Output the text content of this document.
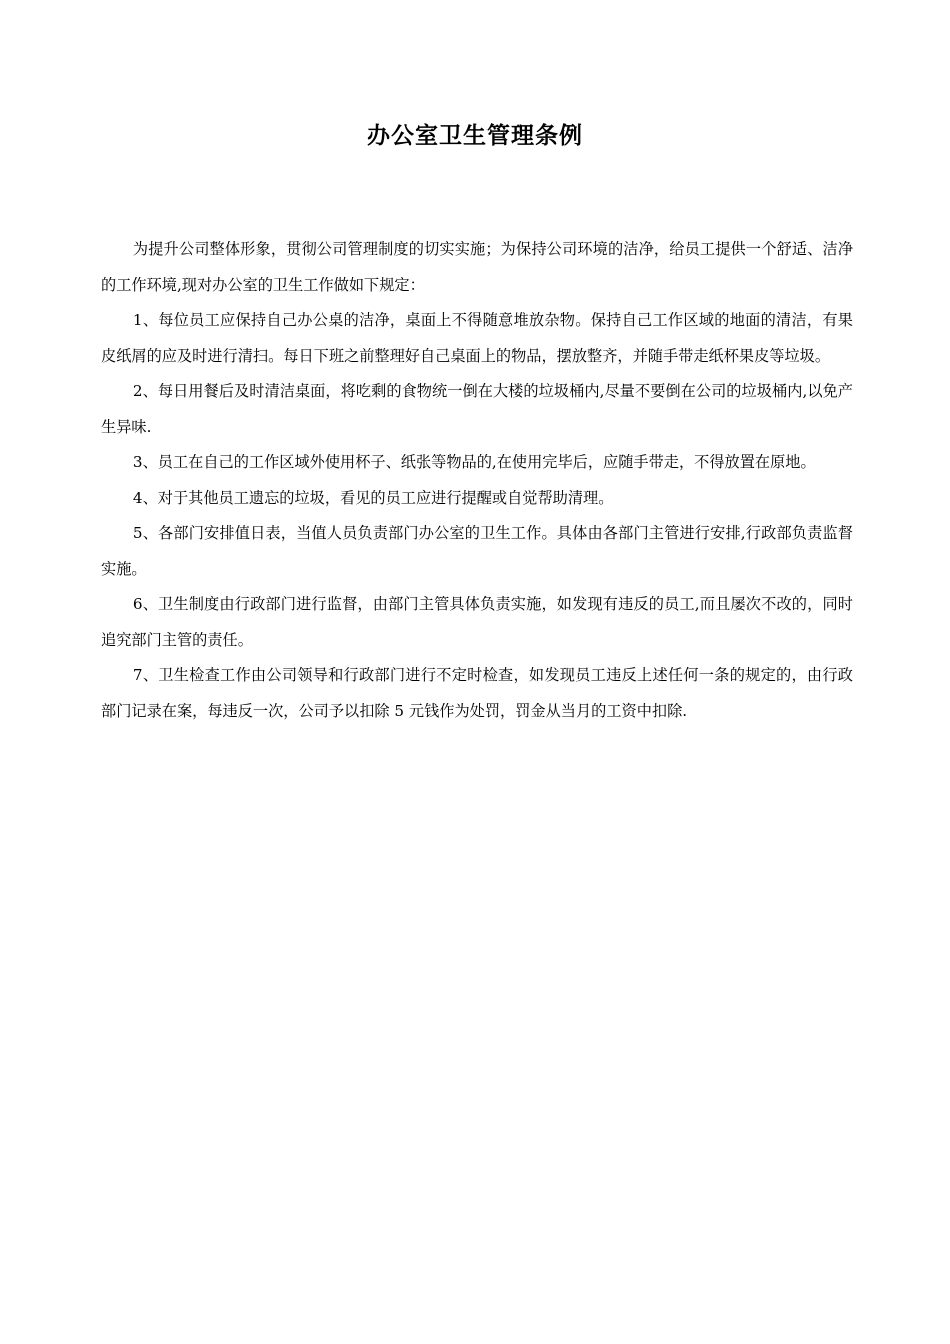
办公室卫生管理条例

为提升公司整体形象，贯彻公司管理制度的切实实施；为保持公司环境的洁净，给员工提供一个舒适、洁净的工作环境,现对办公室的卫生工作做如下规定：

1、每位员工应保持自己办公桌的洁净，桌面上不得随意堆放杂物。保持自己工作区域的地面的清洁，有果皮纸屑的应及时进行清扫。每日下班之前整理好自己桌面上的物品，摆放整齐，并随手带走纸杯果皮等垃圾。

2、每日用餐后及时清洁桌面，将吃剩的食物统一倒在大楼的垃圾桶内,尽量不要倒在公司的垃圾桶内,以免产生异味.

3、员工在自己的工作区域外使用杯子、纸张等物品的,在使用完毕后，应随手带走，不得放置在原地。

4、对于其他员工遗忘的垃圾，看见的员工应进行提醒或自觉帮助清理。

5、各部门安排值日表，当值人员负责部门办公室的卫生工作。具体由各部门主管进行安排,行政部负责监督实施。

6、卫生制度由行政部门进行监督，由部门主管具体负责实施，如发现有违反的员工,而且屡次不改的，同时追究部门主管的责任。

7、卫生检查工作由公司领导和行政部门进行不定时检查，如发现员工违反上述任何一条的规定的，由行政部门记录在案，每违反一次，公司予以扣除 5 元钱作为处罚，罚金从当月的工资中扣除.
